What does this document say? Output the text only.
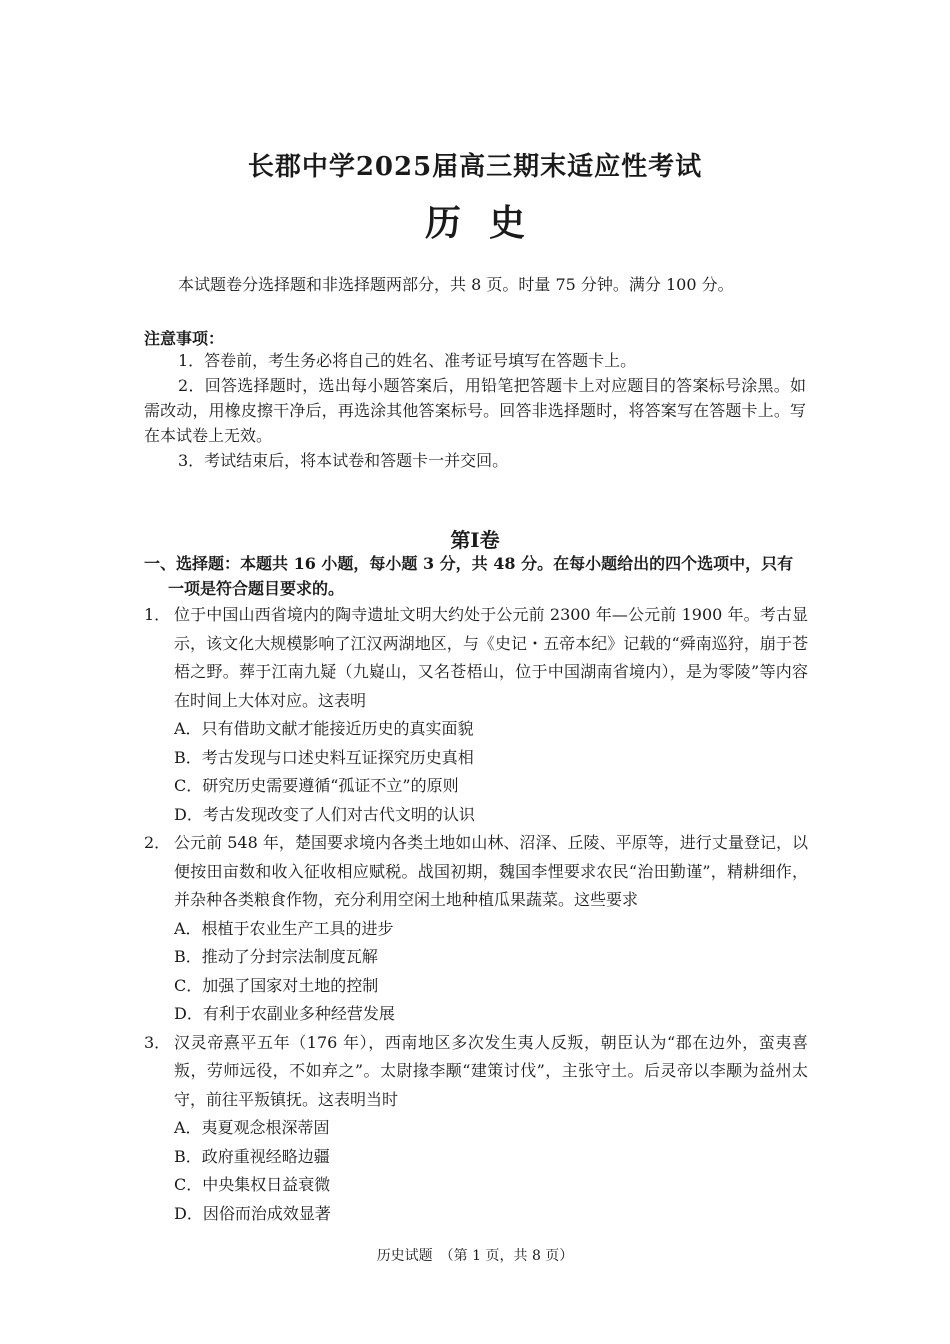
长郡中学2025届高三期末适应性考试
历史
本试题卷分选择题和非选择题两部分，共 8 页。时量 75 分钟。满分 100 分。
注意事项：

1．答卷前，考生务必将自己的姓名、准考证号填写在答题卡上。

2．回答选择题时，选出每小题答案后，用铅笔把答题卡上对应题目的答案标号涂黑。如需改动，用橡皮擦干净后，再选涂其他答案标号。回答非选择题时，将答案写在答题卡上。写在本试卷上无效。

3．考试结束后，将本试卷和答题卡一并交回。

第Ⅰ卷

一、选择题：本题共 16 小题，每小题 3 分，共 48 分。在每小题给出的四个选项中，只有一项是符合题目要求的。

1． 位于中国山西省境内的陶寺遗址文明大约处于公元前 2300 年—公元前 1900 年。考古显示，该文化大规模影响了江汉两湖地区，与《史记・五帝本纪》记载的“舜南巡狩，崩于苍梧之野。葬于江南九疑（九嶷山，又名苍梧山，位于中国湖南省境内），是为零陵”等内容在时间上大体对应。这表明

A．只有借助文献才能接近历史的真实面貌
B．考古发现与口述史料互证探究历史真相
C．研究历史需要遵循“孤证不立”的原则
D．考古发现改变了人们对古代文明的认识
2． 公元前 548 年，楚国要求境内各类土地如山林、沼泽、丘陵、平原等，进行丈量登记，以便按田亩数和收入征收相应赋税。战国初期，魏国李悝要求农民“治田勤谨”，精耕细作，并杂种各类粮食作物，充分利用空闲土地种植瓜果蔬菜。这些要求

A．根植于农业生产工具的进步
B．推动了分封宗法制度瓦解
C．加强了国家对土地的控制
D．有利于农副业多种经营发展
3． 汉灵帝熹平五年（176 年），西南地区多次发生夷人反叛，朝臣认为“郡在边外，蛮夷喜叛，劳师远役，不如弃之”。太尉掾李颙“建策讨伐”，主张守土。后灵帝以李颙为益州太守，前往平叛镇抚。这表明当时

A．夷夏观念根深蒂固
B．政府重视经略边疆
C．中央集权日益衰微
D．因俗而治成效显著
历史试题　（第 1 页，共 8 页）
